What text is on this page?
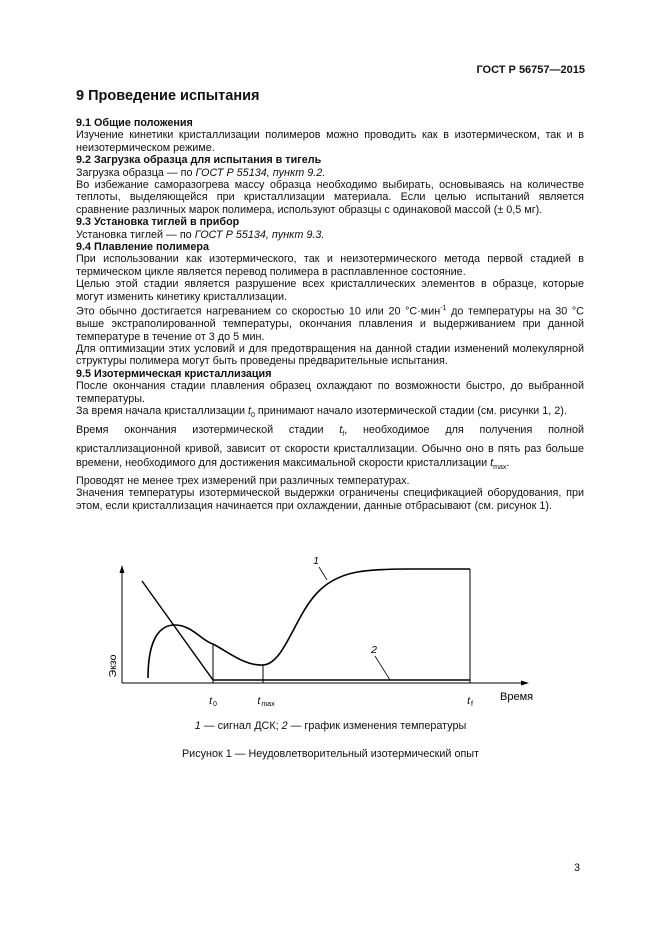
ГОСТ Р 56757—2015
9 Проведение испытания

9.1 Общие положения

Изучение кинетики кристаллизации полимеров можно проводить как в изотермическом, так и в неизотермическом режиме.

9.2 Загрузка образца для испытания в тигель

Загрузка образца — по ГОСТ Р 55134, пункт 9.2.

Во избежание саморазогрева массу образца необходимо выбирать, основываясь на количестве теплоты, выделяющейся при кристаллизации материала. Если целью испытаний является сравнение различных марок полимера, используют образцы с одинаковой массой (± 0,5 мг).

9.3 Установка тиглей в прибор

Установка тиглей — по ГОСТ Р 55134, пункт 9.3.

9.4 Плавление полимера

При использовании как изотермического, так и неизотермического метода первой стадией в термическом цикле является перевод полимера в расплавленное состояние.

Целью этой стадии является разрушение всех кристаллических элементов в образце, которые могут изменить кинетику кристаллизации.

Это обычно достигается нагреванием со скоростью 10 или 20 °С·мин$^{-1}$ до температуры на 30 °С выше экстраполированной температуры, окончания плавления и выдерживанием при данной температуре в течение от 3 до 5 мин.

Для оптимизации этих условий и для предотвращения на данной стадии изменений молекулярной структуры полимера могут быть проведены предварительные испытания.

9.5 Изотермическая кристаллизация

После окончания стадии плавления образец охлаждают по возможности быстро, до выбранной температуры.

За время начала кристаллизации $t_0$ принимают начало изотермической стадии (см. рисунки 1, 2).

Время окончания изотермической стадии $t_f$, необходимое для получения полной кристаллизационной кривой, зависит от скорости кристаллизации. Обычно оно в пять раз больше времени, необходимого для достижения максимальной скорости кристаллизации $t_{max}$.

Проводят не менее трех измерений при различных температурах.

Значения температуры изотермической выдержки ограничены спецификацией оборудования, при этом, если кристаллизация начинается при охлаждении, данные отбрасывают (см. рисунок 1).

1
2
Экзо
Время
t0	tmax	tf
1 — сигнал ДСК; 2 — график изменения температуры
Рисунок 1 — Неудовлетворительный изотермический опыт
3
